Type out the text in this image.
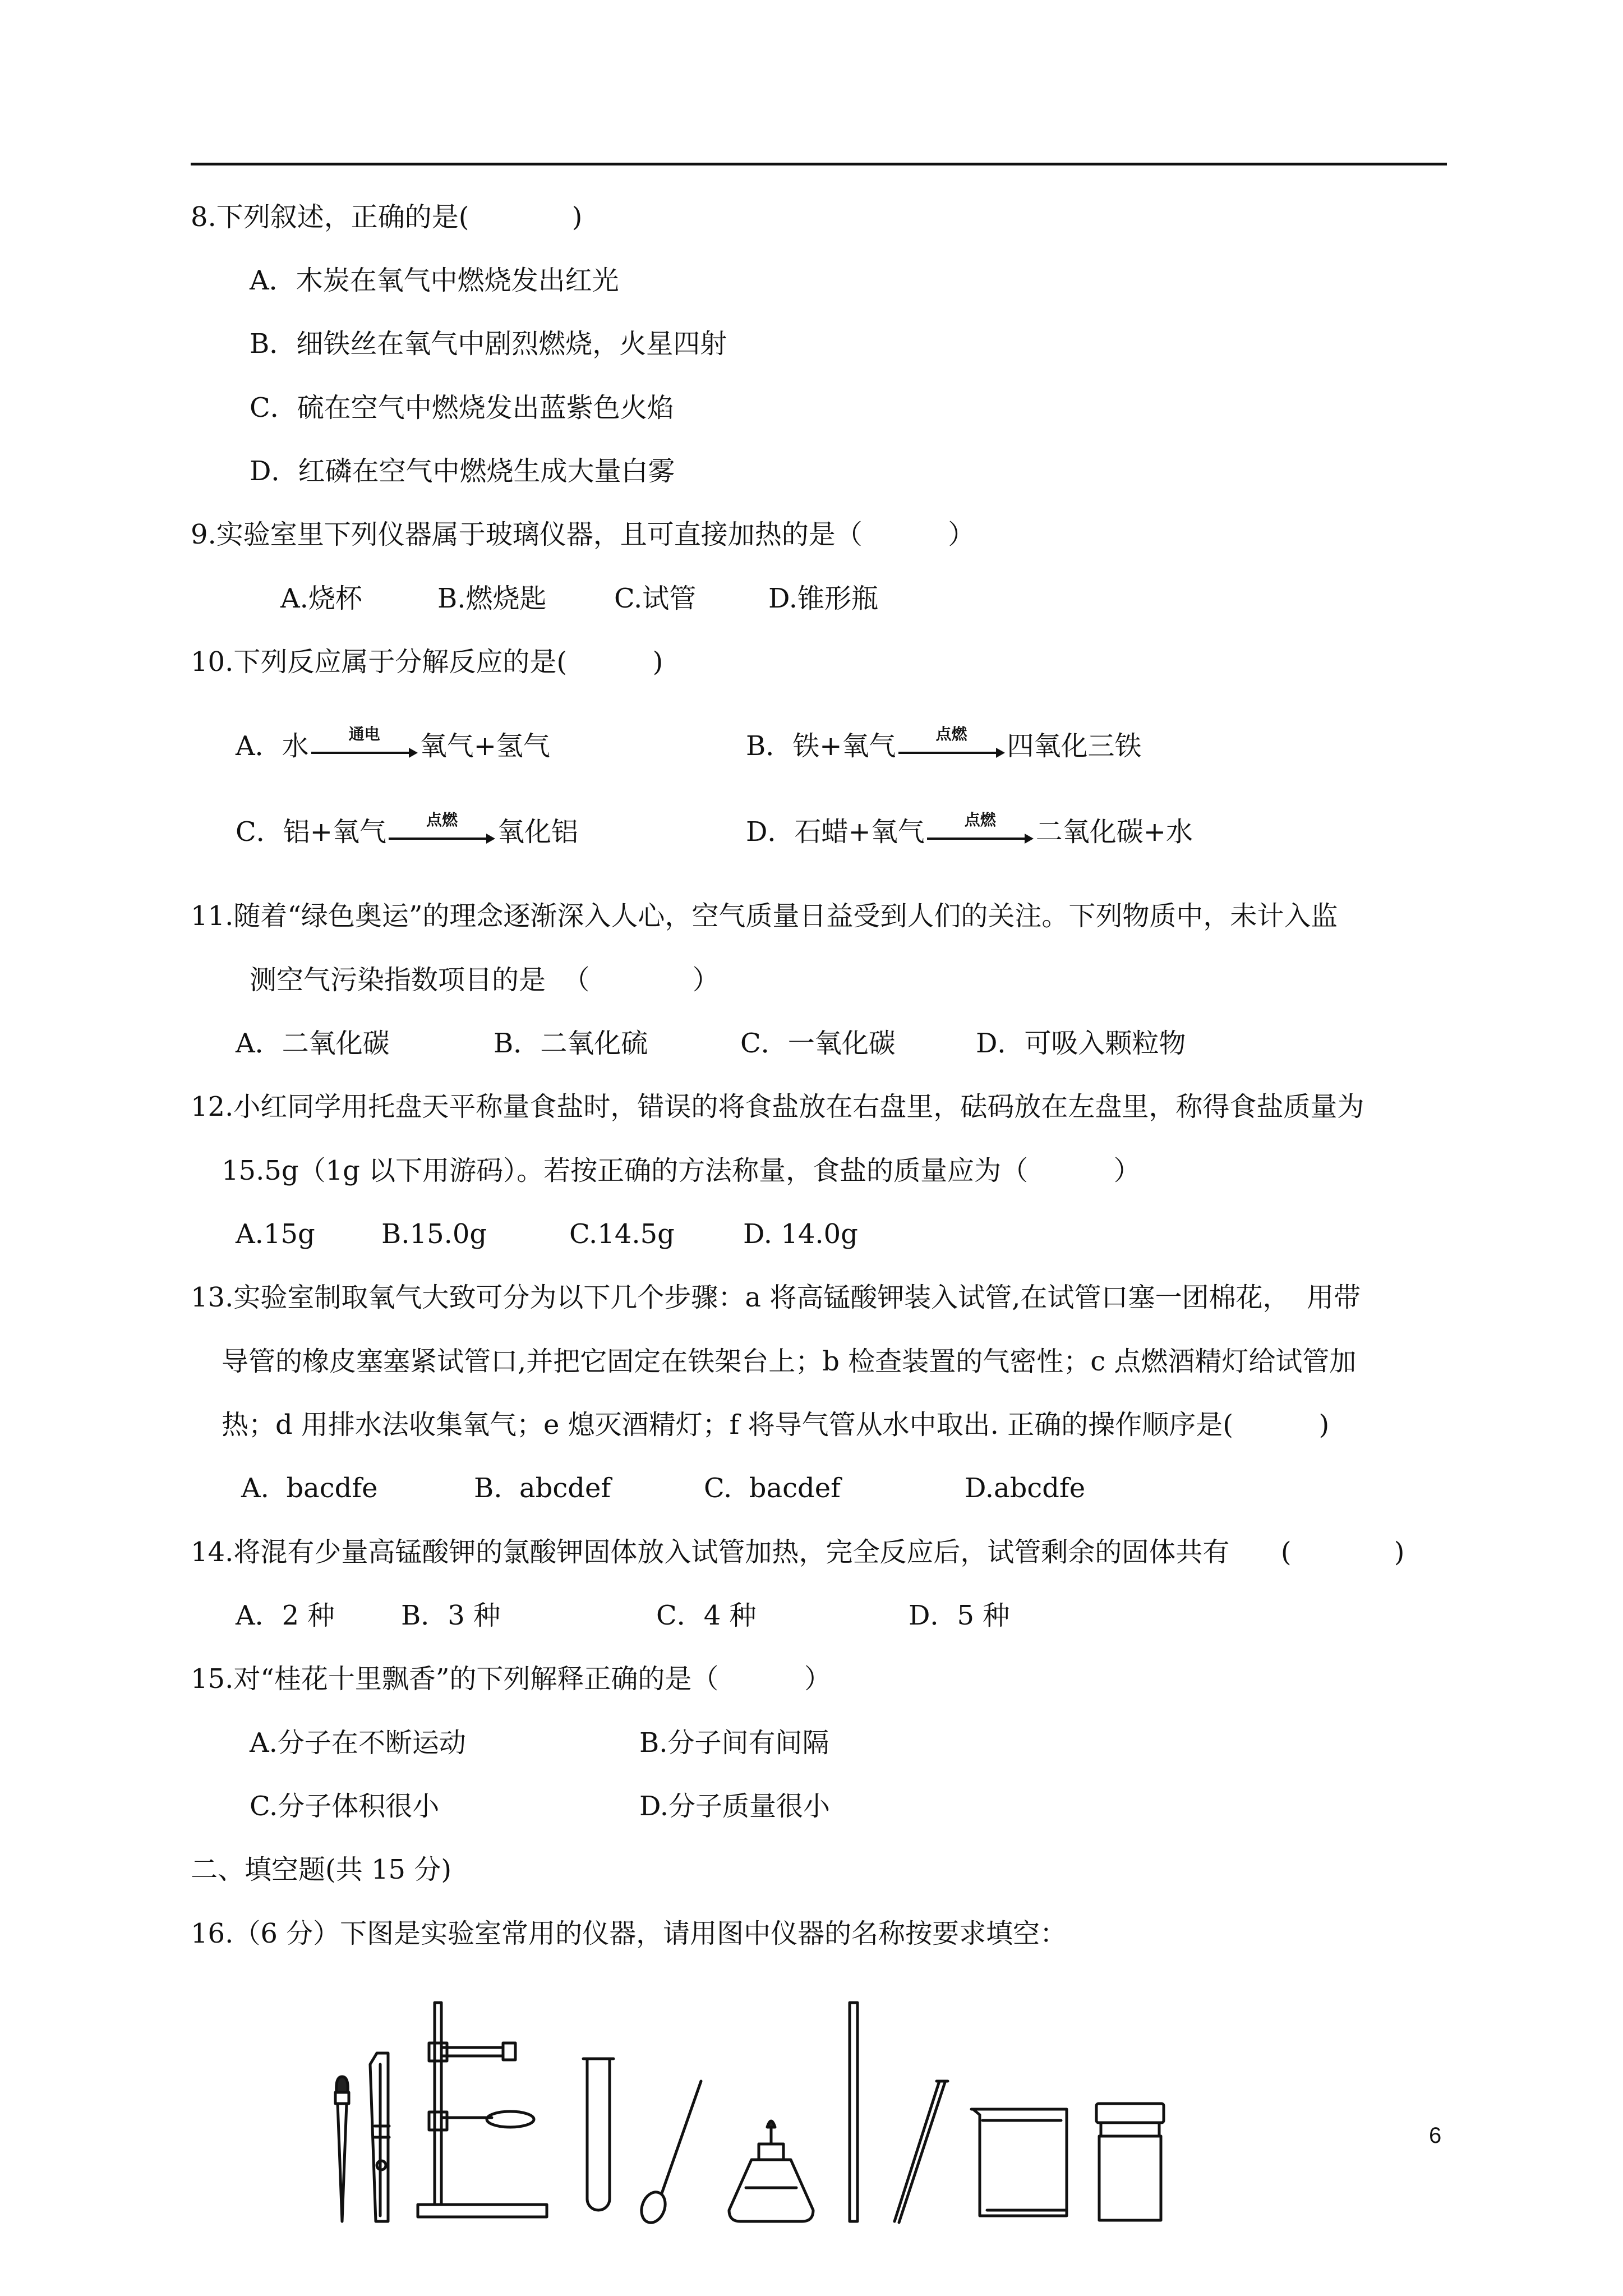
8.下列叙述，正确的是(            )
A．木炭在氧气中燃烧发出红光
B．细铁丝在氧气中剧烈燃烧，火星四射
C．硫在空气中燃烧发出蓝紫色火焰
D．红磷在空气中燃烧生成大量白雾
9.实验室里下列仪器属于玻璃仪器，且可直接加热的是（          ）
A.烧杯	B.燃烧匙	C.试管	D.锥形瓶
10.下列反应属于分解反应的是(          )
A． 水	通电	氧气+氢气	B． 铁+氧气	点燃	四氧化三铁
C． 铝+氧气	点燃	氧化铝	D． 石蜡+氧气	点燃	二氧化碳+水
11.随着“绿色奥运”的理念逐渐深入人心，空气质量日益受到人们的关注。下列物质中，未计入监
测空气污染指数项目的是  （            ）
A．二氧化碳	B．二氧化硫	C．一氧化碳	D．可吸入颗粒物
12.小红同学用托盘天平称量食盐时，错误的将食盐放在右盘里，砝码放在左盘里，称得食盐质量为
15.5g（1g 以下用游码）。若按正确的方法称量，食盐的质量应为（          ）
A.15g B.15.0g	C.14.5g	D. 14.0g
13.实验室制取氧气大致可分为以下几个步骤：a 将高锰酸钾装入试管,在试管口塞一团棉花，  用带
导管的橡皮塞塞紧试管口,并把它固定在铁架台上；b 检查装置的气密性；c 点燃酒精灯给试管加
热；d 用排水法收集氧气；e 熄灭酒精灯；f 将导气管从水中取出. 正确的操作顺序是(          )
A.  bacdfe	B.  abcdef	C.  bacdef	D.abcdfe
14.将混有少量高锰酸钾的氯酸钾固体放入试管加热，完全反应后，试管剩余的固体共有      (            )
A．2 种 B．3 种	C．4 种	D．5 种
15.对“桂花十里飘香”的下列解释正确的是（          ）
A.分子在不断运动	B.分子间有间隔
C.分子体积很小	D.分子质量很小
二、填空题(共 15 分)
16.（6 分）下图是实验室常用的仪器，请用图中仪器的名称按要求填空：
6
